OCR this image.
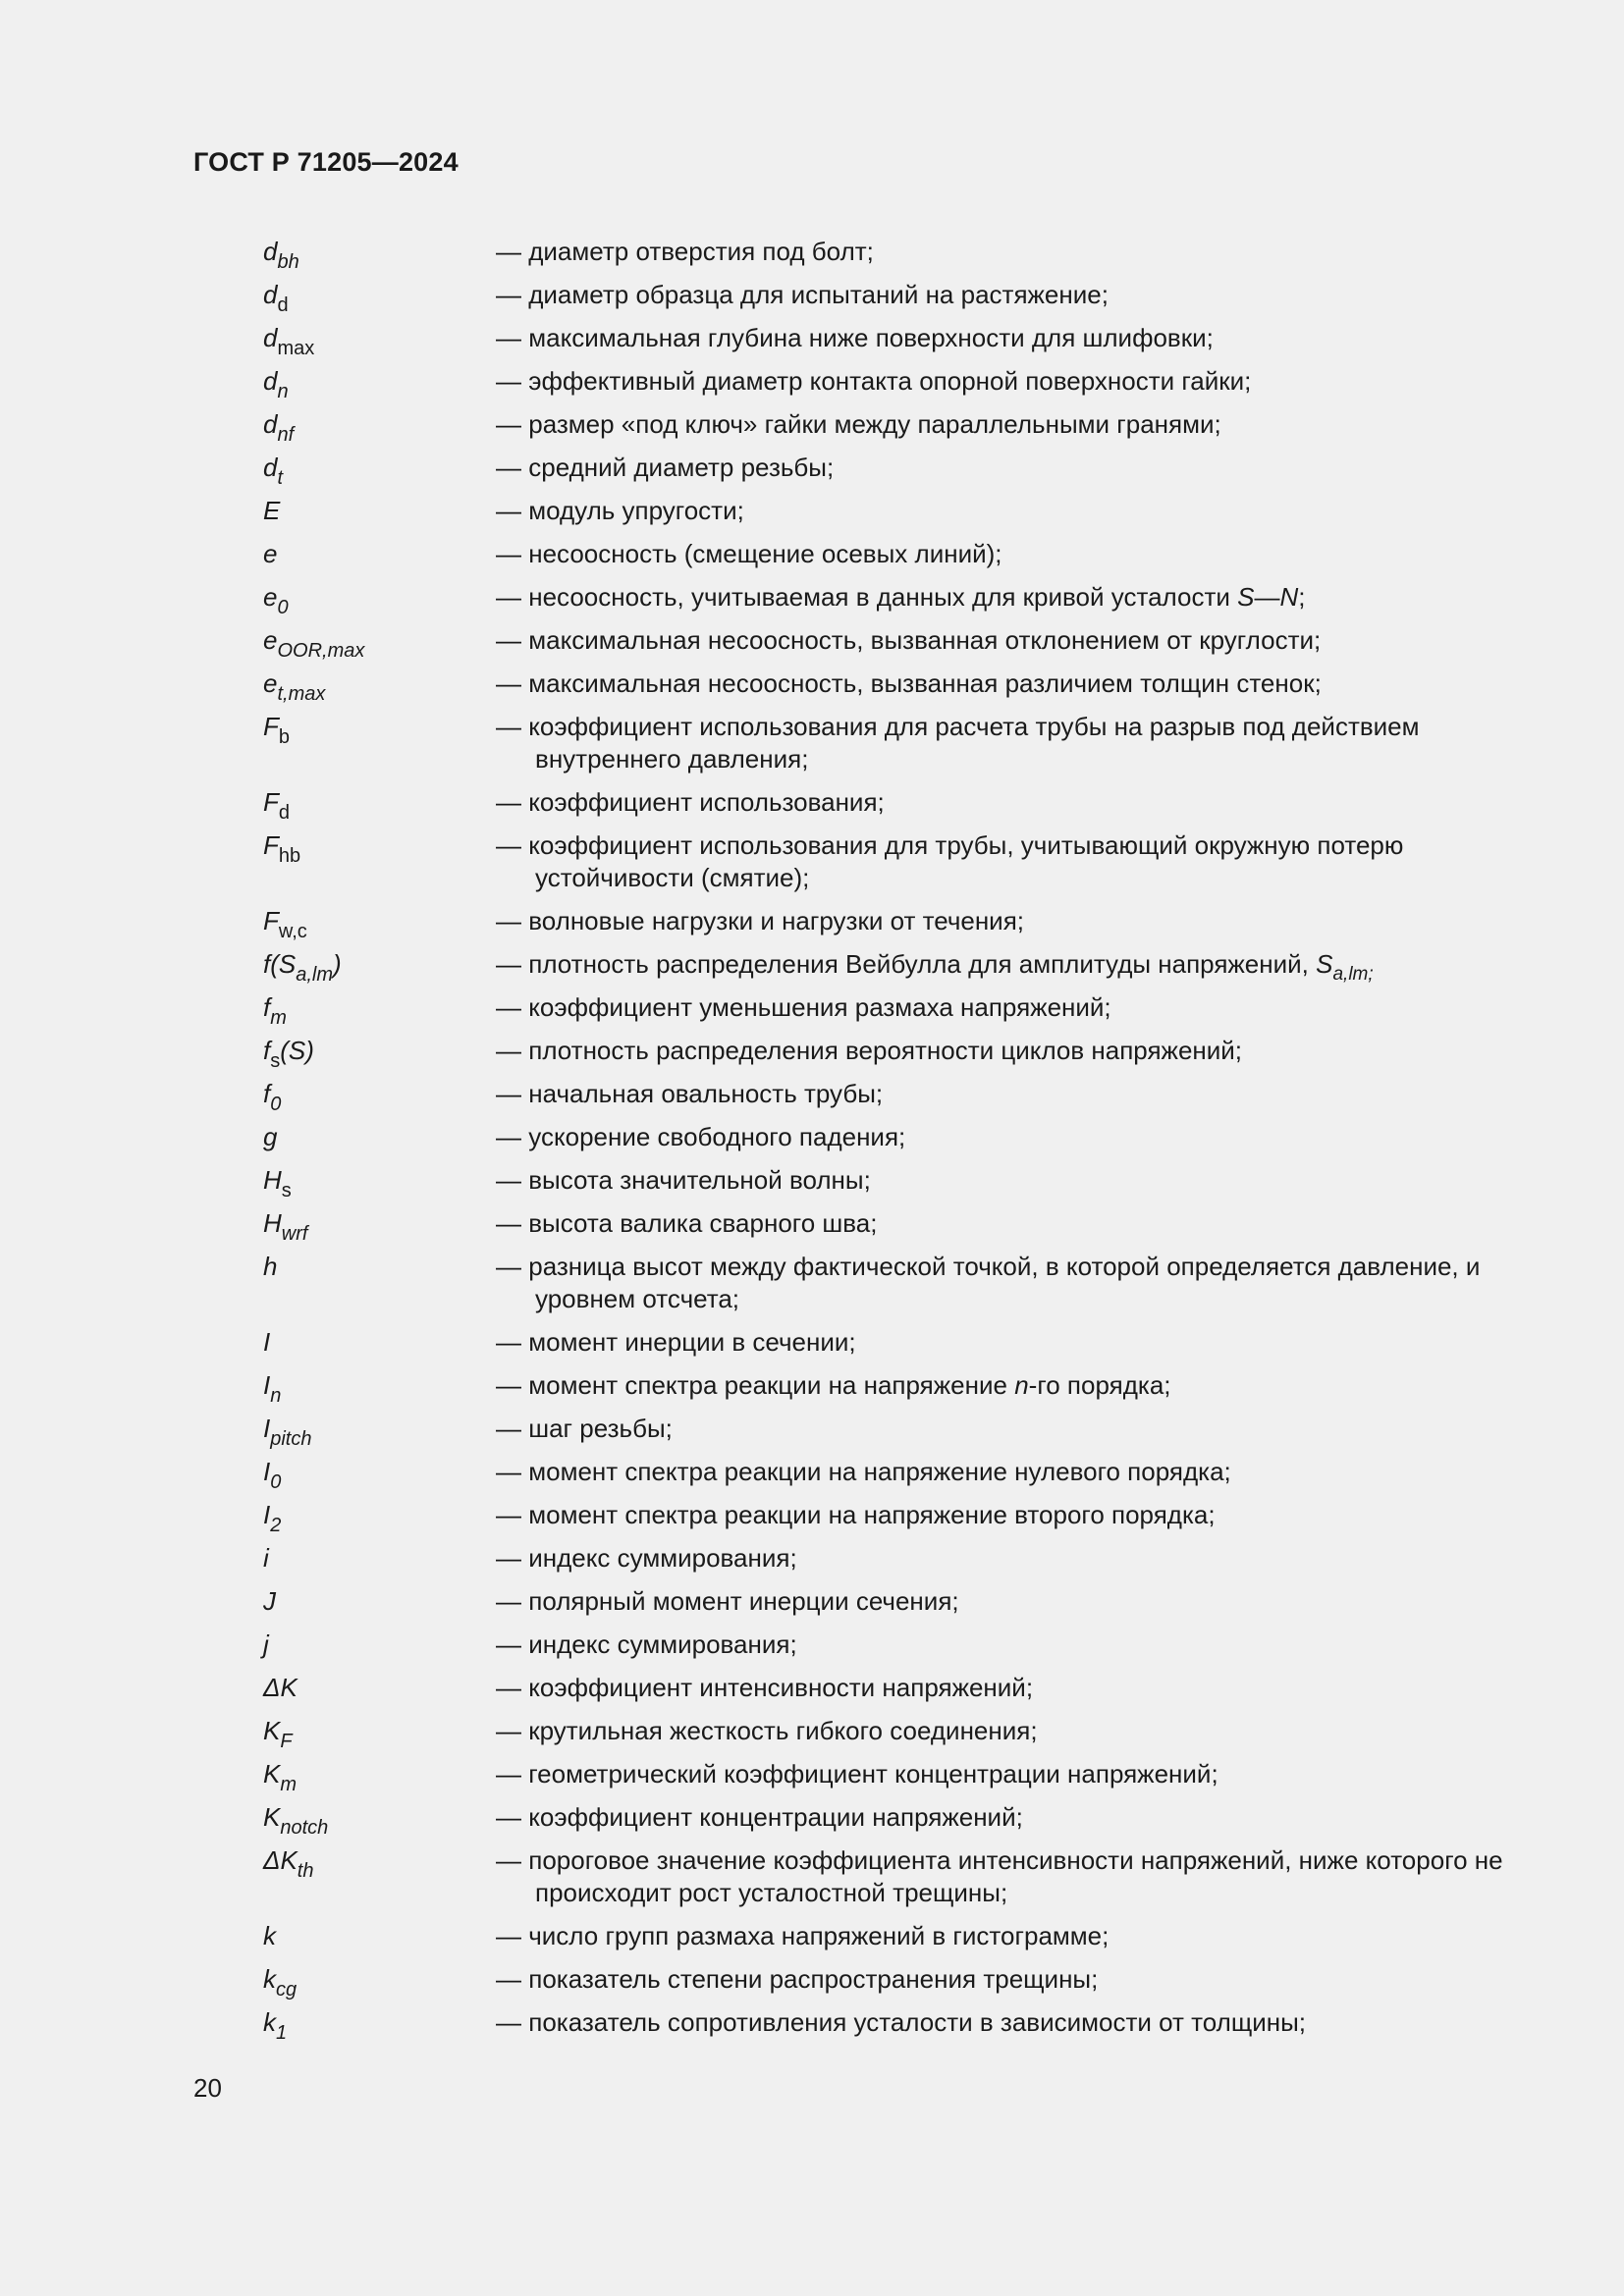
ГОСТ Р 71205—2024
$d_{bh}$	— диаметр отверстия под болт;
$d_d$	— диаметр образца для испытаний на растяжение;
$d_{max}$	— максимальная глубина ниже поверхности для шлифовки;
$d_n$	— эффективный диаметр контакта опорной поверхности гайки;
$d_{nf}$	— размер «под ключ» гайки между параллельными гранями;
$d_t$	— средний диаметр резьбы;
E	— модуль упругости;
e	— несоосность (смещение осевых линий);
$e_0$	— несоосность, учитываемая в данных для кривой усталости S—N;
$e_{OOR,max}$	— максимальная несоосность, вызванная отклонением от круглости;
$e_{t,max}$	— максимальная несоосность, вызванная различием толщин стенок;
$F_b$	— коэффициент использования для расчета трубы на разрыв под действием внутреннего давления;
$F_d$	— коэффициент использования;
$F_{hb}$	— коэффициент использования для трубы, учитывающий окружную потерю устойчивости (смятие);
$F_{w,c}$	— волновые нагрузки и нагрузки от течения;
$f(S_{a,lm})$	— плотность распределения Вейбулла для амплитуды напряжений, $S_{a,lm;}$
$f_m$	— коэффициент уменьшения размаха напряжений;
$f_s(S)$	— плотность распределения вероятности циклов напряжений;
$f_0$	— начальная овальность трубы;
g	— ускорение свободного падения;
$H_s$	— высота значительной волны;
$H_{wrf}$	— высота валика сварного шва;
h	— разница высот между фактической точкой, в которой определяется давление, и уровнем отсчета;
I	— момент инерции в сечении;
$I_n$	— момент спектра реакции на напряжение n-го порядка;
$I_{pitch}$	— шаг резьбы;
$I_0$	— момент спектра реакции на напряжение нулевого порядка;
$I_2$	— момент спектра реакции на напряжение второго порядка;
i	— индекс суммирования;
J	— полярный момент инерции сечения;
j	— индекс суммирования;
ΔK	— коэффициент интенсивности напряжений;
$K_F$	— крутильная жесткость гибкого соединения;
$K_m$	— геометрический коэффициент концентрации напряжений;
$K_{notch}$	— коэффициент концентрации напряжений;
$\Delta K_{th}$	— пороговое значение коэффициента интенсивности напряжений, ниже которого не происходит рост усталостной трещины;
k	— число групп размаха напряжений в гистограмме;
$k_{cg}$	— показатель степени распространения трещины;
$k_1$	— показатель сопротивления усталости в зависимости от толщины;
20
